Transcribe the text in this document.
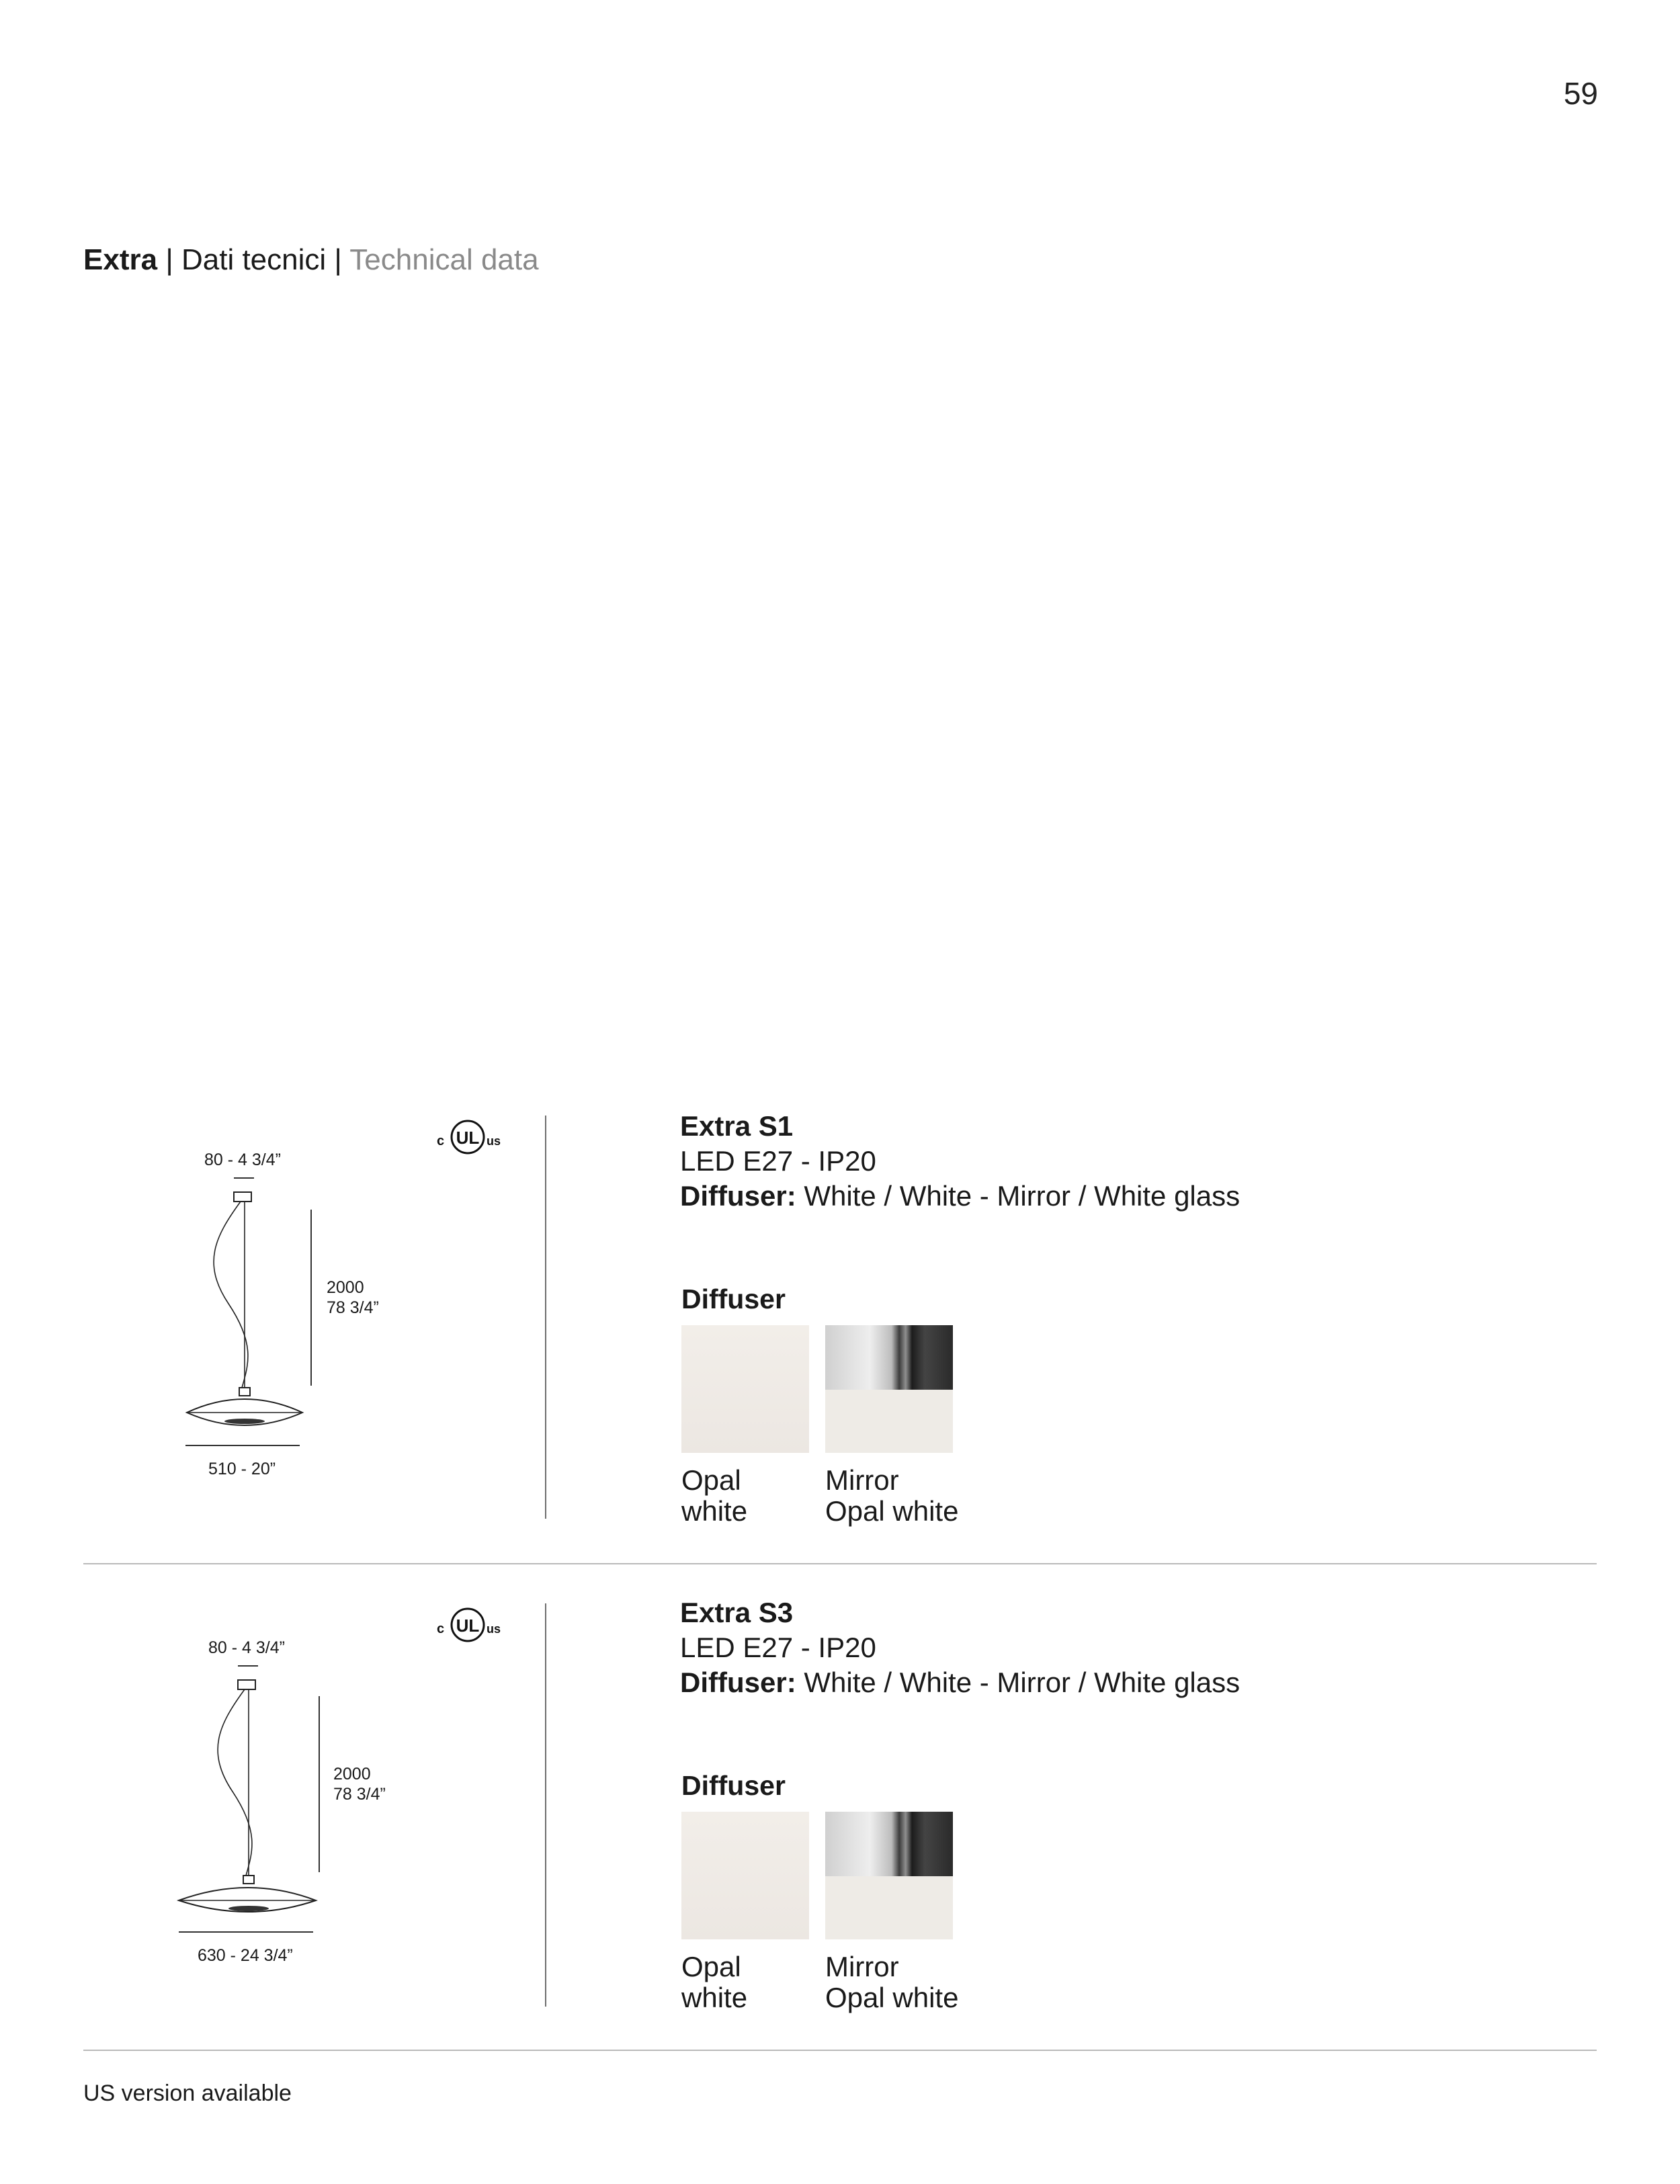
59
Extra | Dati tecnici | Technical data
80 - 4 3/4”
2000
78 3/4”
510 - 20”
c UL us	Extra S1
LED E27 - IP20
Diffuser: White / White - Mirror / White glass
Diffuser
Opal
white
Mirror
Opal white
80 - 4 3/4”
2000
78 3/4”
630 - 24 3/4”
c UL us
Extra S3
LED E27 - IP20
Diffuser: White / White - Mirror / White glass
Diffuser
Opal
white
Mirror
Opal white
US version available
